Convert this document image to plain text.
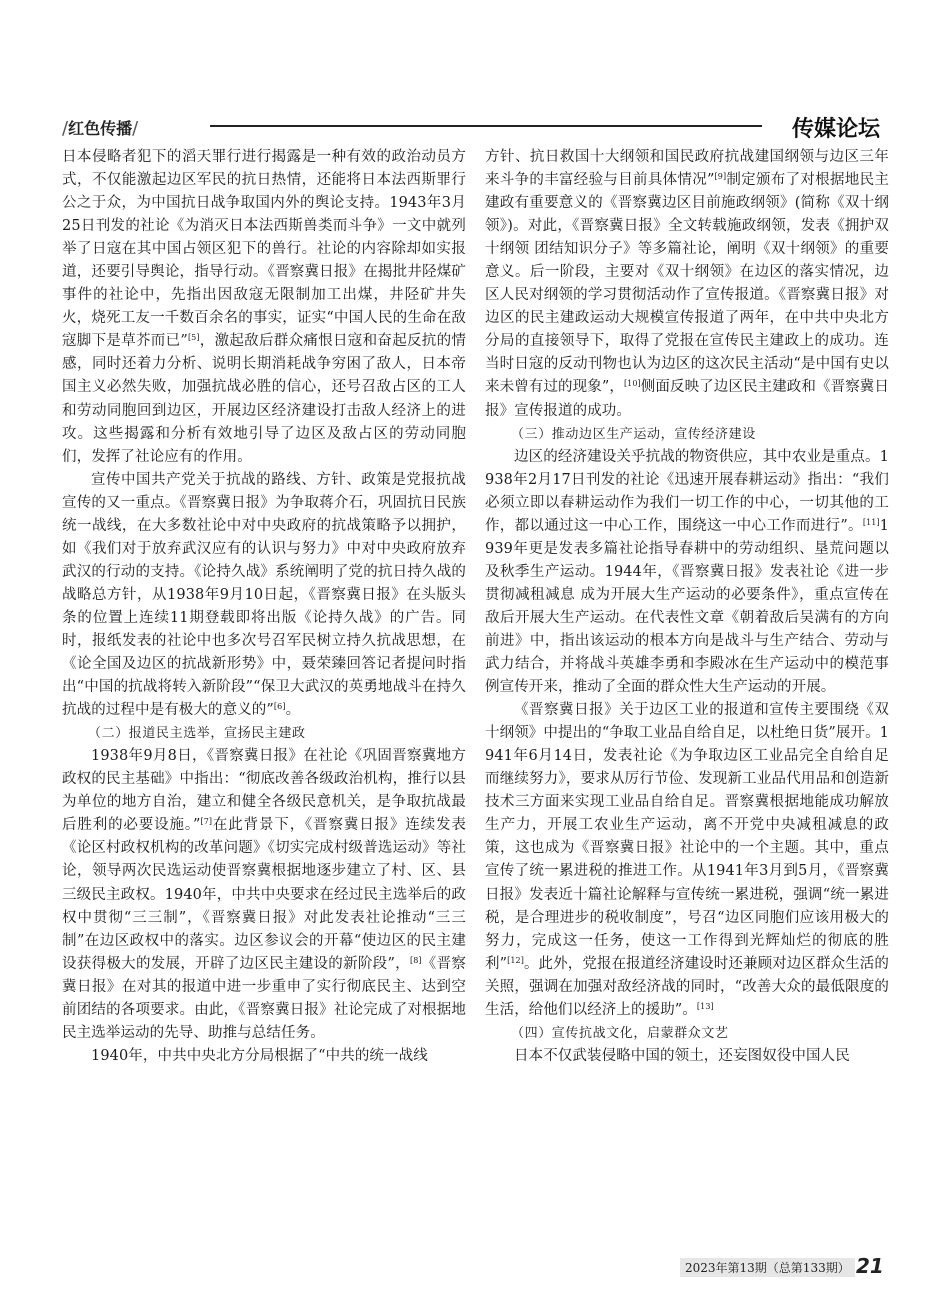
/红色传播/	传媒论坛

日本侵略者犯下的滔天罪行进行揭露是一种有效的政治动员方式，不仅能激起边区军民的抗日热情，还能将日本法西斯罪行公之于众，为中国抗日战争取国内外的舆论支持。1943年3月25日刊发的社论《为消灭日本法西斯兽类而斗争》一文中就列举了日寇在其中国占领区犯下的兽行。社论的内容除却如实报道，还要引导舆论，指导行动。《晋察冀日报》在揭批井陉煤矿事件的社论中，先指出因敌寇无限制加工出煤，井陉矿井失火，烧死工友一千数百余名的事实，证实“中国人民的生命在敌寇脚下是草芥而已”[5]，激起敌后群众痛恨日寇和奋起反抗的情感，同时还着力分析、说明长期消耗战争穷困了敌人，日本帝国主义必然失败，加强抗战必胜的信心，还号召敌占区的工人和劳动同胞回到边区，开展边区经济建设打击敌人经济上的进攻。这些揭露和分析有效地引导了边区及敌占区的劳动同胞们，发挥了社论应有的作用。

宣传中国共产党关于抗战的路线、方针、政策是党报抗战宣传的又一重点。《晋察冀日报》为争取蒋介石，巩固抗日民族统一战线，在大多数社论中对中央政府的抗战策略予以拥护，如《我们对于放弃武汉应有的认识与努力》中对中央政府放弃武汉的行动的支持。《论持久战》系统阐明了党的抗日持久战的战略总方针，从1938年9月10日起，《晋察冀日报》在头版头条的位置上连续11期登载即将出版《论持久战》的广告。同时，报纸发表的社论中也多次号召军民树立持久抗战思想，在《论全国及边区的抗战新形势》中，聂荣臻回答记者提问时指出“中国的抗战将转入新阶段”“保卫大武汉的英勇地战斗在持久抗战的过程中是有极大的意义的”[6]。

（二）报道民主选举，宣扬民主建政

1938年9月8日，《晋察冀日报》在社论《巩固晋察冀地方政权的民主基础》中指出：“彻底改善各级政治机构，推行以县为单位的地方自治，建立和健全各级民意机关，是争取抗战最后胜利的必要设施。”[7]在此背景下，《晋察冀日报》连续发表《论区村政权机构的改革问题》《切实完成村级普选运动》等社论，领导两次民选运动使晋察冀根据地逐步建立了村、区、县三级民主政权。1940年，中共中央要求在经过民主选举后的政权中贯彻“三三制”，《晋察冀日报》对此发表社论推动“三三制”在边区政权中的落实。边区参议会的开幕“使边区的民主建设获得极大的发展，开辟了边区民主建设的新阶段”，[8]《晋察冀日报》在对其的报道中进一步重申了实行彻底民主、达到空前团结的各项要求。由此，《晋察冀日报》社论完成了对根据地民主选举运动的先导、助推与总结任务。

1940年，中共中央北方分局根据了“中共的统一战线

方针、抗日救国十大纲领和国民政府抗战建国纲领与边区三年来斗争的丰富经验与目前具体情况”[9]制定颁布了对根据地民主建政有重要意义的《晋察冀边区目前施政纲领》(简称《双十纲领》)。对此，《晋察冀日报》全文转载施政纲领，发表《拥护双十纲领 团结知识分子》等多篇社论，阐明《双十纲领》的重要意义。后一阶段，主要对《双十纲领》在边区的落实情况，边区人民对纲领的学习贯彻活动作了宣传报道。《晋察冀日报》对边区的民主建政运动大规模宣传报道了两年，在中共中央北方分局的直接领导下，取得了党报在宣传民主建政上的成功。连当时日寇的反动刊物也认为边区的这次民主活动“是中国有史以来未曾有过的现象”，[10]侧面反映了边区民主建政和《晋察冀日报》宣传报道的成功。

（三）推动边区生产运动，宣传经济建设

边区的经济建设关乎抗战的物资供应，其中农业是重点。1938年2月17日刊发的社论《迅速开展春耕运动》指出：“我们必须立即以春耕运动作为我们一切工作的中心，一切其他的工作，都以通过这一中心工作，围绕这一中心工作而进行”。[11]1939年更是发表多篇社论指导春耕中的劳动组织、垦荒问题以及秋季生产运动。1944年，《晋察冀日报》发表社论《进一步贯彻减租减息 成为开展大生产运动的必要条件》，重点宣传在敌后开展大生产运动。在代表性文章《朝着敌后吴满有的方向前进》中，指出该运动的根本方向是战斗与生产结合、劳动与武力结合，并将战斗英雄李勇和李殿冰在生产运动中的模范事例宣传开来，推动了全面的群众性大生产运动的开展。

《晋察冀日报》关于边区工业的报道和宣传主要围绕《双十纲领》中提出的“争取工业品自给自足，以杜绝日货”展开。1941年6月14日，发表社论《为争取边区工业品完全自给自足而继续努力》，要求从厉行节俭、发现新工业品代用品和创造新技术三方面来实现工业品自给自足。晋察冀根据地能成功解放生产力，开展工农业生产运动，离不开党中央减租减息的政策，这也成为《晋察冀日报》社论中的一个主题。其中，重点宣传了统一累进税的推进工作。从1941年3月到5月，《晋察冀日报》发表近十篇社论解释与宣传统一累进税，强调“统一累进税，是合理进步的税收制度”，号召“边区同胞们应该用极大的努力，完成这一任务，使这一工作得到光辉灿烂的彻底的胜利”[12]。此外，党报在报道经济建设时还兼顾对边区群众生活的关照，强调在加强对敌经济战的同时，“改善大众的最低限度的生活，给他们以经济上的援助”。[13]

（四）宣传抗战文化，启蒙群众文艺

日本不仅武装侵略中国的领土，还妄图奴役中国人民

2023年第13期（总第133期） 21
